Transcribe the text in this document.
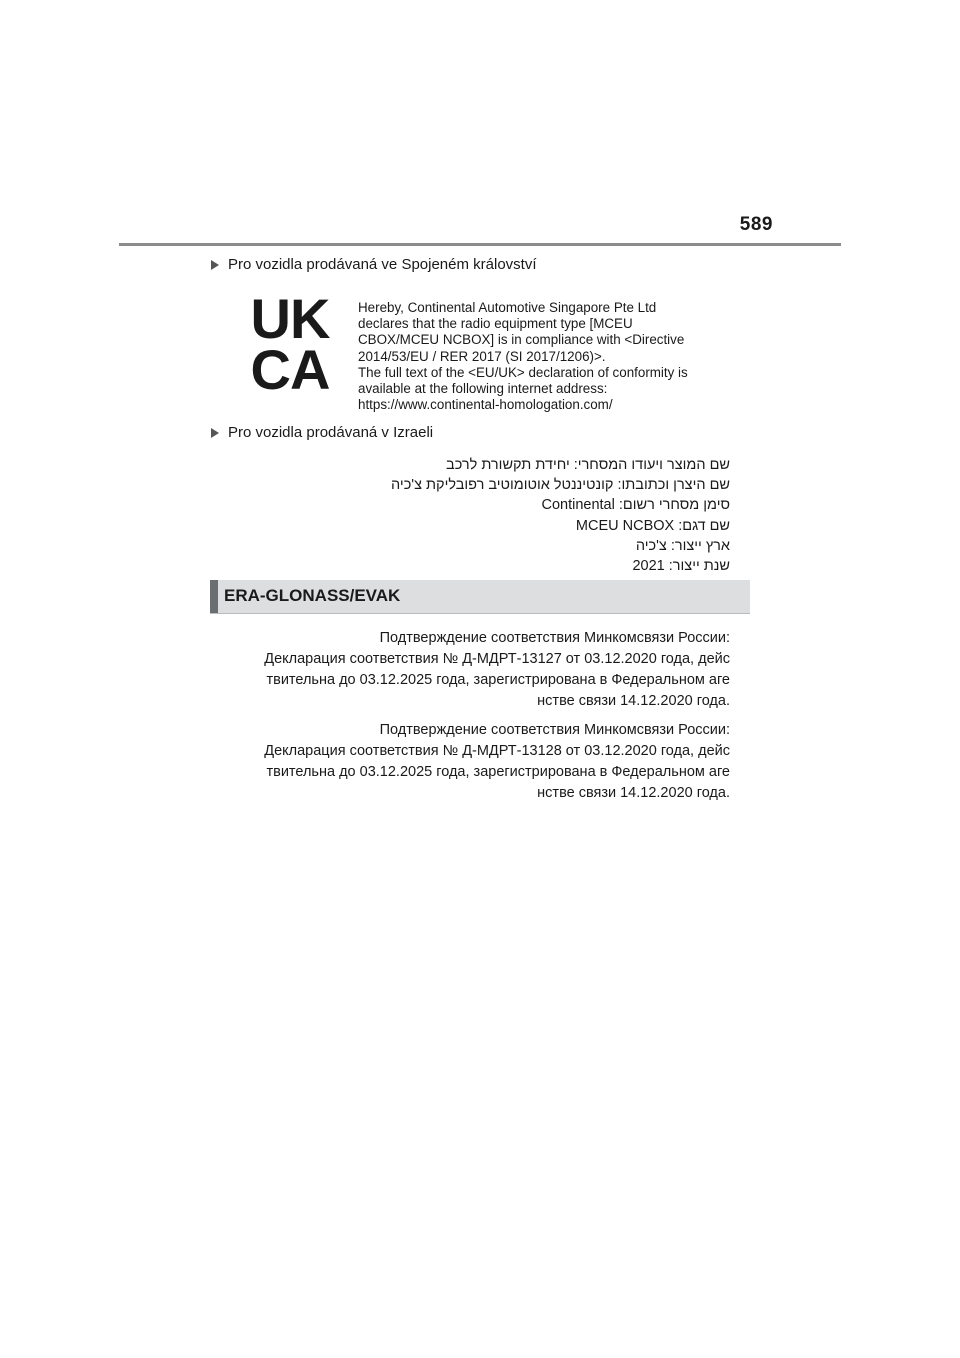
589
Pro vozidla prodávaná ve Spojeném království
UK
CA
Hereby, Continental Automotive Singapore Pte Ltd
declares that the radio equipment type [MCEU
CBOX/MCEU NCBOX] is in compliance with <Directive
2014/53/EU / RER 2017 (SI 2017/1206)>.
The full text of the <EU/UK> declaration of conformity is
available at the following internet address:
https://www.continental-homologation.com/
Pro vozidla prodávaná v Izraeli
שם המוצר ויעודו המסחרי: יחידת תקשורת לרכב
שם היצרן וכתובתו: קונטיננטל אוטומוטיב רפובליקת צ'כיה
סימן מסחרי רשום: Continental
שם דגם: MCEU NCBOX
ארץ ייצור: צ'כיה
שנת ייצור: 2021
ERA-GLONASS/EVAK
Подтверждение соответствия Минкомсвязи России:
Декларация соответствия № Д-МДРТ-13127 от 03.12.2020 года, дейс
твительна до 03.12.2025 года, зарегистрирована в Федеральном аге
нстве связи 14.12.2020 года.
Подтверждение соответствия Минкомсвязи России:
Декларация соответствия № Д-МДРТ-13128 от 03.12.2020 года, дейс
твительна до 03.12.2025 года, зарегистрирована в Федеральном аге
нстве связи 14.12.2020 года.
